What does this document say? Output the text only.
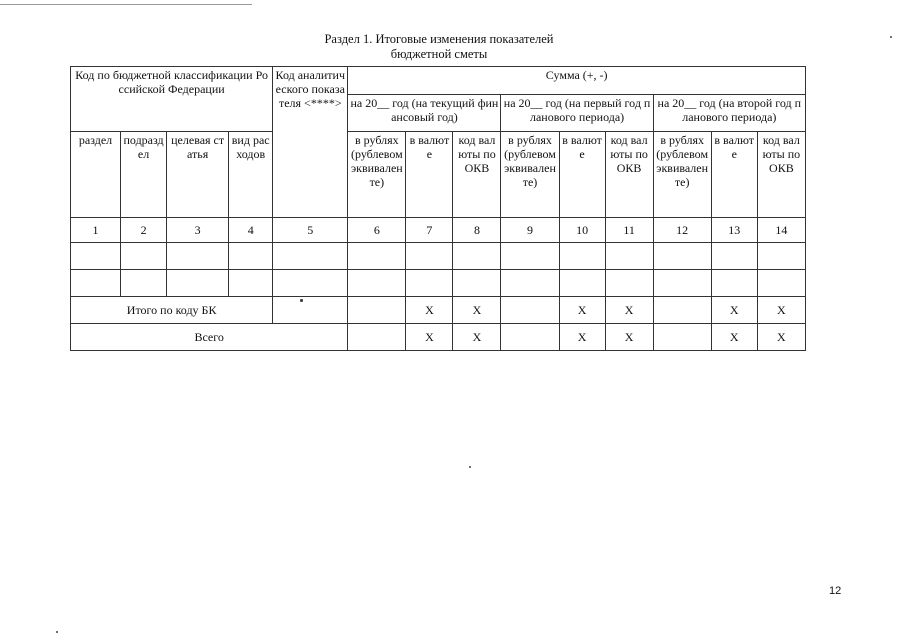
Раздел 1. Итоговые изменения показателей
бюджетной сметы
Код по бюджетной классификации Российской Федерации				Код аналитического показателя <****>	Сумма (+, -)								
					на 20__ год (на текущий финансовый год)			на 20__ год (на первый год планового периода)			на 20__ год (на второй год планового периода)		
раздел	подраздел	целевая статья	вид расходов		в рублях (рублевом эквиваленте)	в валюте	код валюты по ОКВ	в рублях (рублевом эквиваленте)	в валюте	код валюты по ОКВ	в рублях (рублевом эквиваленте)	в валюте	код валюты по ОКВ
1	2	3	4	5	6	7	8	9	10	11	12	13	14

Итого по коду БК						X	X		X	X		X	X
Всего						X	X		X	X		X	X
12
